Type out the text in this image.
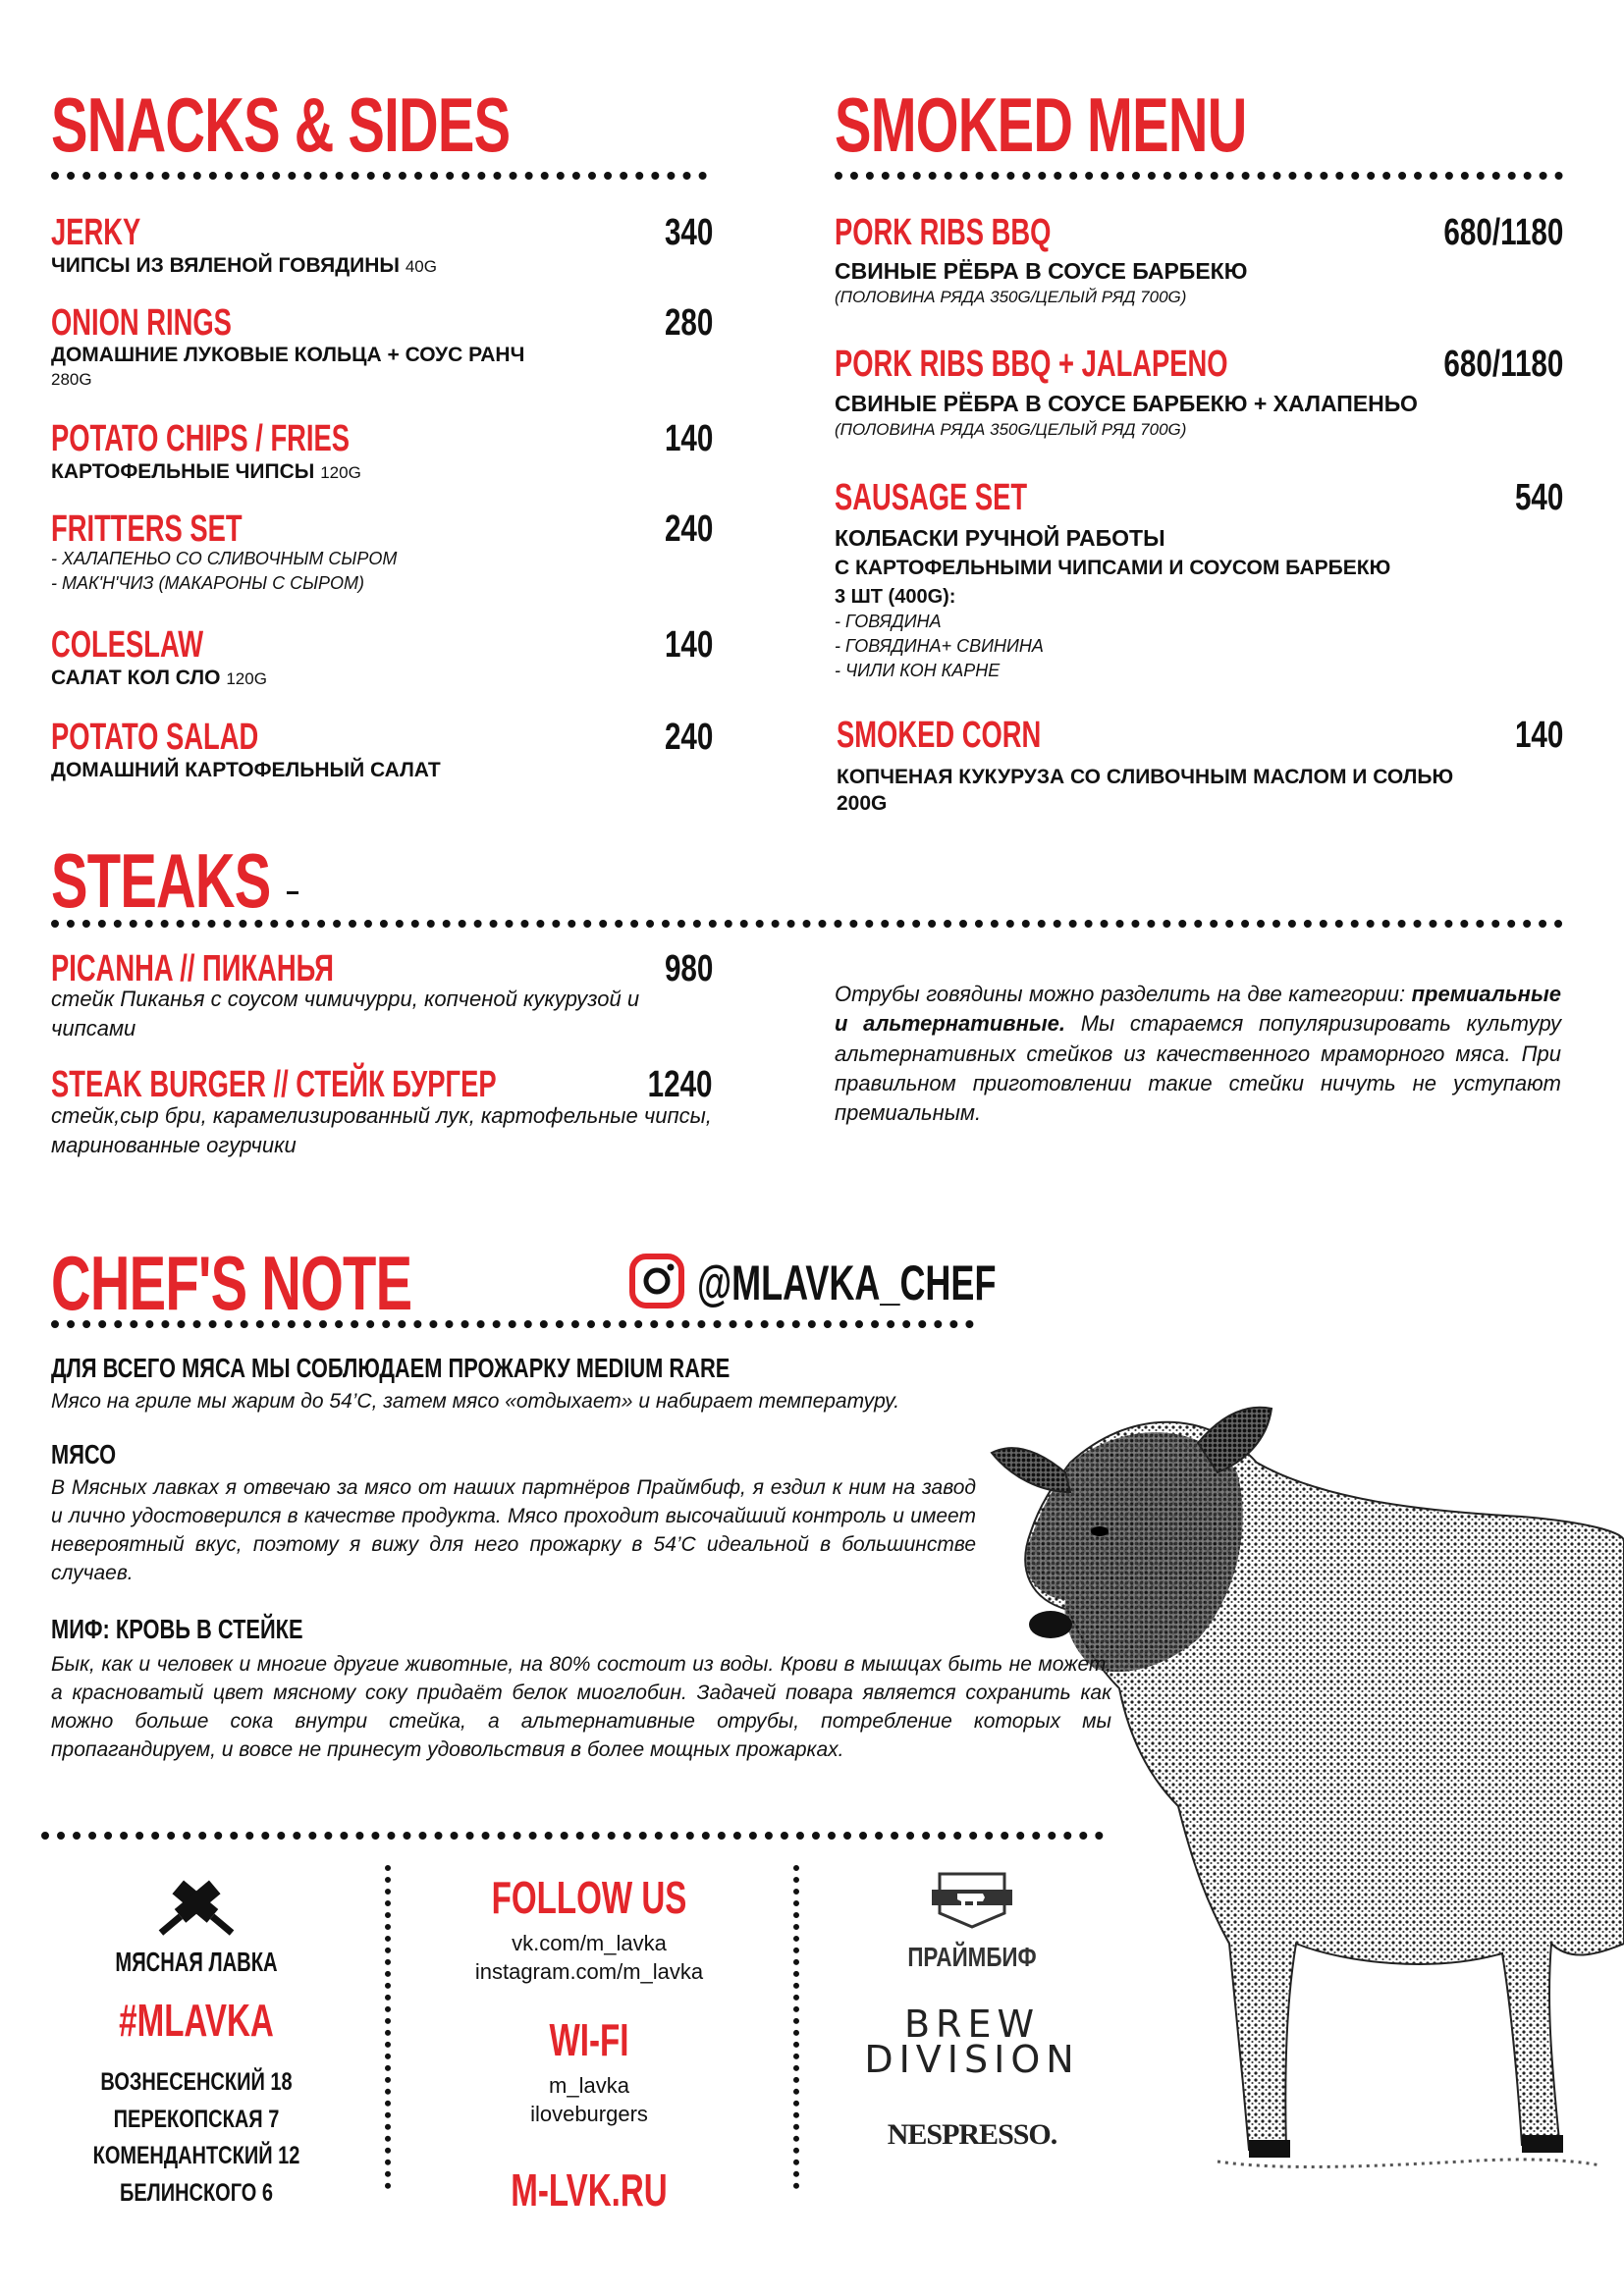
SNACKS & SIDES
JERKY	340
ЧИПСЫ ИЗ ВЯЛЕНОЙ ГОВЯДИНЫ 40G
ONION RINGS	280
ДОМАШНИЕ ЛУКОВЫЕ КОЛЬЦА + СОУС РАНЧ
280G
POTATO CHIPS / FRIES	140
КАРТОФЕЛЬНЫЕ ЧИПСЫ 120G
FRITTERS SET	240
- ХАЛАПЕНЬО СО СЛИВОЧНЫМ СЫРОМ
- МАК'Н'ЧИЗ (МАКАРОНЫ С СЫРОМ)
COLESLAW	140
САЛАТ КОЛ СЛО 120G
POTATO SALAD	240
ДОМАШНИЙ КАРТОФЕЛЬНЫЙ САЛАТ
SMOKED MENU
PORK RIBS BBQ	680/1180
СВИНЫЕ РЁБРА В СОУСЕ БАРБЕКЮ
(ПОЛОВИНА РЯДА 350G/ЦЕЛЫЙ РЯД 700G)
PORK RIBS BBQ + JALAPENO	680/1180
СВИНЫЕ РЁБРА В СОУСЕ БАРБЕКЮ + ХАЛАПЕНЬО
(ПОЛОВИНА РЯДА 350G/ЦЕЛЫЙ РЯД 700G)
SAUSAGE SET	540
КОЛБАСКИ РУЧНОЙ РАБОТЫ
С КАРТОФЕЛЬНЫМИ ЧИПСАМИ И СОУСОМ БАРБЕКЮ
3 ШТ (400G):
- ГОВЯДИНА
- ГОВЯДИНА+ СВИНИНА
- ЧИЛИ КОН КАРНЕ
SMOKED CORN	140
КОПЧЕНАЯ КУКУРУЗА СО СЛИВОЧНЫМ МАСЛОМ И СОЛЬЮ
200G
STEAKS
PICANHA // ПИКАНЬЯ	980
стейк Пиканья с соусом чимичурри, копченой кукурузой и чипсами
STEAK BURGER // СТЕЙК БУРГЕР	1240
стейк,сыр бри, карамелизированный лук, картофельные чипсы, маринованные огурчики
Отрубы говядины можно разделить на две категории: премиальные и альтернативные. Мы стараемся популяризировать культуру альтернативных стейков из качественного мраморного мяса. При правильном приготовлении такие стейки ничуть не уступают премиальным.
CHEF'S NOTE	@MLAVKA_CHEF
ДЛЯ ВСЕГО МЯСА МЫ СОБЛЮДАЕМ ПРОЖАРКУ MEDIUM RARE
Мясо на гриле мы жарим до 54’С, затем мясо «отдыхает» и набирает температуру.
МЯСО
В Мясных лавках я отвечаю за мясо от наших партнёров Праймбиф, я ездил к ним на завод и лично удостоверился в качестве продукта. Мясо проходит высочайший контроль и имеет невероятный вкус, поэтому я вижу для него прожарку в 54’С идеальной в большинстве случаев.
МИФ: КРОВЬ В СТЕЙКЕ
Бык, как и человек и многие другие животные, на 80% состоит из воды. Крови в мышцах быть не может, а красноватый цвет мясному соку придаёт белок миоглобин. Задачей повара является сохранить как можно больше сока внутри стейка, а альтернативные отрубы, потребление которых мы пропагандируем, и вовсе не принесут удовольствия в более мощных прожарках.
МЯСНАЯ ЛАВКА
#MLAVKA
ВОЗНЕСЕНСКИЙ 18
ПЕРЕКОПСКАЯ 7
КОМЕНДАНТСКИЙ 12
БЕЛИНСКОГО 6
FOLLOW US
vk.com/m_lavka
instagram.com/m_lavka
WI-FI
m_lavka
iloveburgers
M-LVK.RU
ПРАЙМБИФ
BREW
DIVISION
NESPRESSO.
